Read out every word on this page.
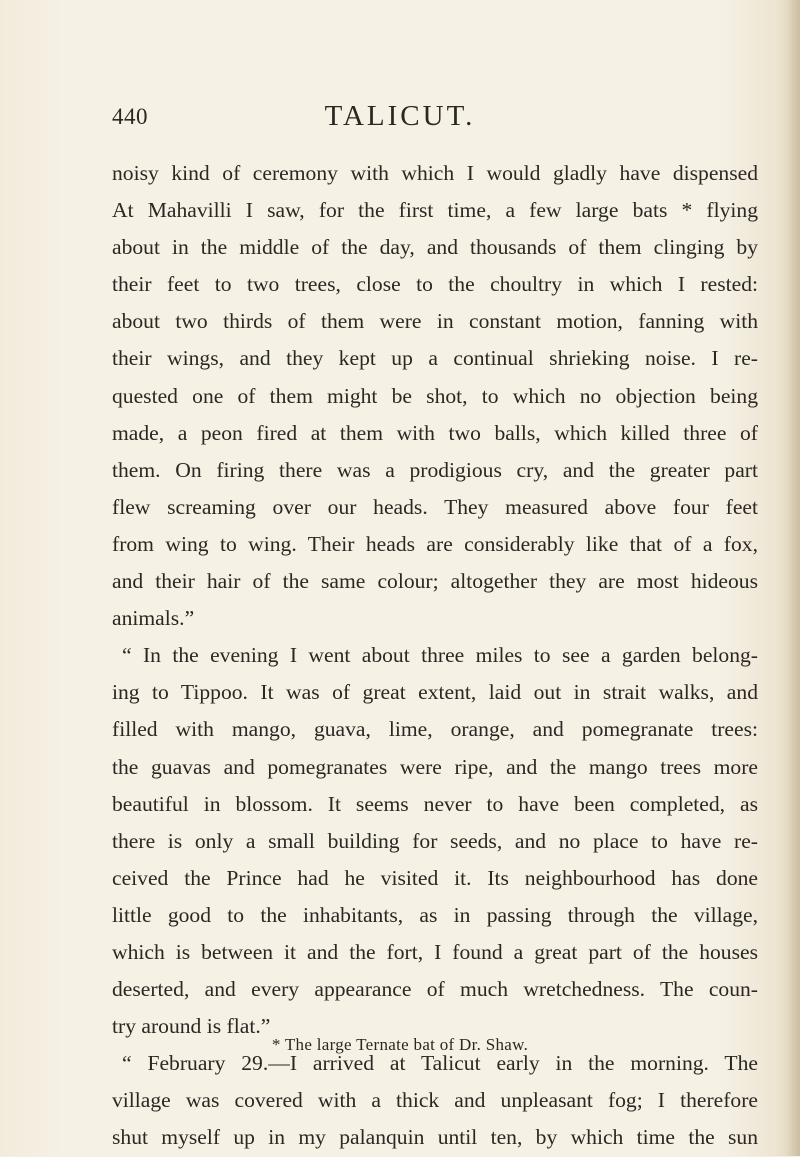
440	TALICUT.
noisy kind of ceremony with which I would gladly have dispensed
At Mahavilli I saw, for the first time, a few large bats * flying
about in the middle of the day, and thousands of them clinging by
their feet to two trees, close to the choultry in which I rested:
about two thirds of them were in constant motion, fanning with
their wings, and they kept up a continual shrieking noise. I re-
quested one of them might be shot, to which no objection being
made, a peon fired at them with two balls, which killed three of
them. On firing there was a prodigious cry, and the greater part
flew screaming over our heads. They measured above four feet
from wing to wing. Their heads are considerably like that of a fox,
and their hair of the same colour; altogether they are most hideous
animals.”
“ In the evening I went about three miles to see a garden belong-
ing to Tippoo. It was of great extent, laid out in strait walks, and
filled with mango, guava, lime, orange, and pomegranate trees:
the guavas and pomegranates were ripe, and the mango trees more
beautiful in blossom. It seems never to have been completed, as
there is only a small building for seeds, and no place to have re-
ceived the Prince had he visited it. Its neighbourhood has done
little good to the inhabitants, as in passing through the village,
which is between it and the fort, I found a great part of the houses
deserted, and every appearance of much wretchedness. The coun-
try around is flat.”
“ February 29.—I arrived at Talicut early in the morning. The
village was covered with a thick and unpleasant fog; I therefore
shut myself up in my palanquin until ten, by which time the sun
* The large Ternate bat of Dr. Shaw.
